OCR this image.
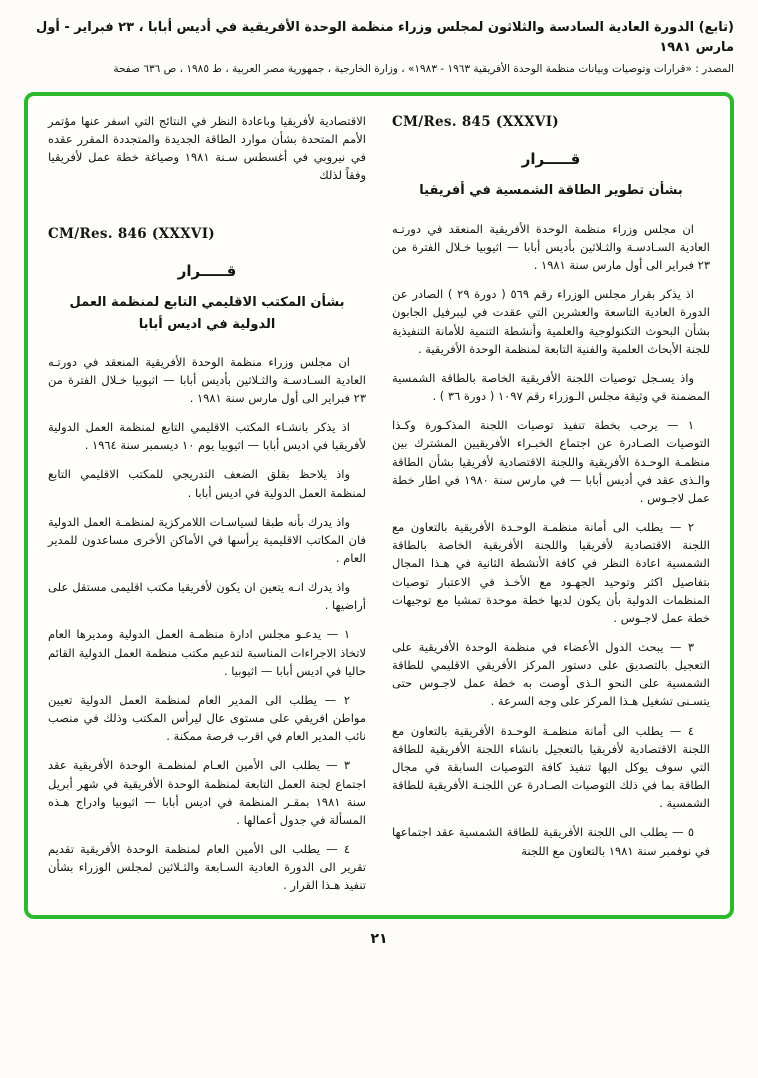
(تابع) الدورة العادية السادسة والثلاثون لمجلس وزراء منظمة الوحدة الأفريقية في أديس أبابا ، ٢٣ فبراير - أول مارس ١٩٨١
المصدر : «قرارات وتوصيات وبيانات منظمة الوحدة الأفريقية ١٩٦٣ - ١٩٨٣» ، وزارة الخارجية ، جمهورية مصر العربية ، ط ١٩٨٥ ، ص ٦٣٦ صفحة
CM/Res. 845 (XXXVI)
قـــــرار
بشأن تطوير الطاقة الشمسية في أفريقيا

ان مجلس وزراء منظمة الوحدة الأفريقية المنعقد في دورتـه العادية السـادسـة والثـلاثين بأديس أبابا — اثيوبيا خـلال الفترة من ٢٣ فبراير الى أول مارس سنة ١٩٨١ .

اذ يذكر بقرار مجلس الوزراء رقم ٥٦٩ ( دورة ٢٩ ) الصادر عن الدورة العادية التاسعة والعشرين التي عقدت في ليبرفيل الجابون بشأن البحوث التكنولوجية والعلمية وأنشطة التنمية للأمانة التنفيذية للجنة الأبحاث العلمية والفنية التابعة لمنظمة الوحدة الأفريقية .

واذ يسـجل توصيات اللجنة الأفريقية الخاصة بالطاقة الشمسية المضمنة في وثيقة مجلس الـوزراء رقم ١٠٩٧ ( دورة ٣٦ ) .

١ — يرحب بخطة تنفيذ توصيات اللجنة المذكـورة وكـذا التوصيات الصـادرة عن اجتماع الخبـراء الأفريقيين المشترك بين منظمـة الوحـدة الأفريقية واللجنة الاقتصادية لأفريقيا بشأن الطاقة والـذى عقد في أديس أبابا — في مارس سنة ١٩٨٠ في اطار خطة عمل لاجـوس .

٢ — يطلب الى أمانة منظمـة الوحـدة الأفريقية بالتعاون مع اللجنة الاقتصادية لأفريقيا واللجنة الأفريقية الخاصة بالطاقة الشمسية اعادة النظر في كافة الأنشطة الثانية في هـذا المجال بتفاصيل اكثر وتوحيد الجهـود مع الأخـذ في الاعتبار توصيات المنظمات الدولية بأن يكون لديها خطة موحدة تمشيا مع توجيهات خطة عمل لاجـوس .

٣ — يبحث الدول الأعضاء في منظمة الوحدة الأفريقية على التعجيل بالتصديق على دستور المركز الأفريقي الاقليمي للطاقة الشمسية على النحو الـذى أوصت به خطة عمل لاجـوس حتى يتسـنى تشغيل هـذا المركز على وجه السرعة .

٤ — يطلب الى أمانة منظمـة الوحـدة الأفريقية بالتعاون مع اللجنة الاقتصادية لأفريقيا بالتعجيل بانشاء اللجنة الأفريقية للطاقة التي سوف يوكل اليها تنفيذ كافة التوصيات السابقة في مجال الطاقة بما في ذلك التوصيات الصـادرة عن اللجنـة الأفريقية للطاقة الشمسية .

٥ — يطلب الى اللجنة الأفريقية للطاقة الشمسية عقد اجتماعها في نوفمبر سنة ١٩٨١ بالتعاون مع اللجنة

الاقتصادية لأفريقيا وباعادة النظر في النتائج التي اسفر عنها مؤتمر الأمم المتحدة بشأن موارد الطاقة الجديدة والمتجددة المقرر عقده في نيروبي في أغسطس سـنة ١٩٨١ وصياغة خطة عمل لأفريقيا وفقاً لذلك

CM/Res. 846 (XXXVI)
قـــــرار
بشأن المكتب الاقليمي التابع لمنظمة العمل الدولية في اديس أبابا

ان مجلس وزراء منظمة الوحدة الأفريقية المنعقد في دورتـه العادية السـادسـة والثـلاثين بأديس أبابا — اثيوبيا خـلال الفترة من ٢٣ فبراير الى أول مارس سنة ١٩٨١ .

اذ يذكر بانشـاء المكتب الاقليمي التابع لمنظمة العمل الدولية لأفريقيا في اديس أبابا — اثيوبيا يوم ١٠ ديسمبر سنة ١٩٦٤ .

واذ يلاحظ بقلق الضعف التدريجي للمكتب الاقليمي التابع لمنظمة العمل الدولية في اديس أبابا .

واذ يدرك بأنه طبقا لسياسـات اللامركزية لمنظمـة العمل الدولية فان المكاتب الاقليمية يرأسها في الأماكن الأخرى مساعدون للمدير العام .

واذ يدرك انـه يتعين ان يكون لأفريقيا مكتب اقليمى مستقل على أراضيها .

١ — يدعـو مجلس ادارة منظمـة العمل الدولية ومديرها العام لاتخاذ الاجراءات المناسبة لتدعيم مكتب منظمة العمل الدولية القائم حاليا في اديس أبابا — اثيوبيا .

٢ — يطلب الى المدير العام لمنظمة العمل الدولية تعيين مواطن افريقي على مستوى عال ليرأس المكتب وذلك في منصب نائب المدير العام في اقرب فرصة ممكنة .

٣ — يطلب الى الأمين العـام لمنظمـة الوحدة الأفريقية عقد اجتماع لجنة العمل التابعة لمنظمة الوحدة الأفريقية في شهر أبريل سنة ١٩٨١ بمقـر المنظمة في اديس أبابا — اثيوبيا وادراج هـذه المسألة في جدول أعمالها .

٤ — يطلب الى الأمين العام لمنظمة الوحدة الأفريقية تقديم تقرير الى الدورة العادية السـابعة والثـلاثين لمجلس الوزراء بشأن تنفيذ هـذا القرار .

٢١
